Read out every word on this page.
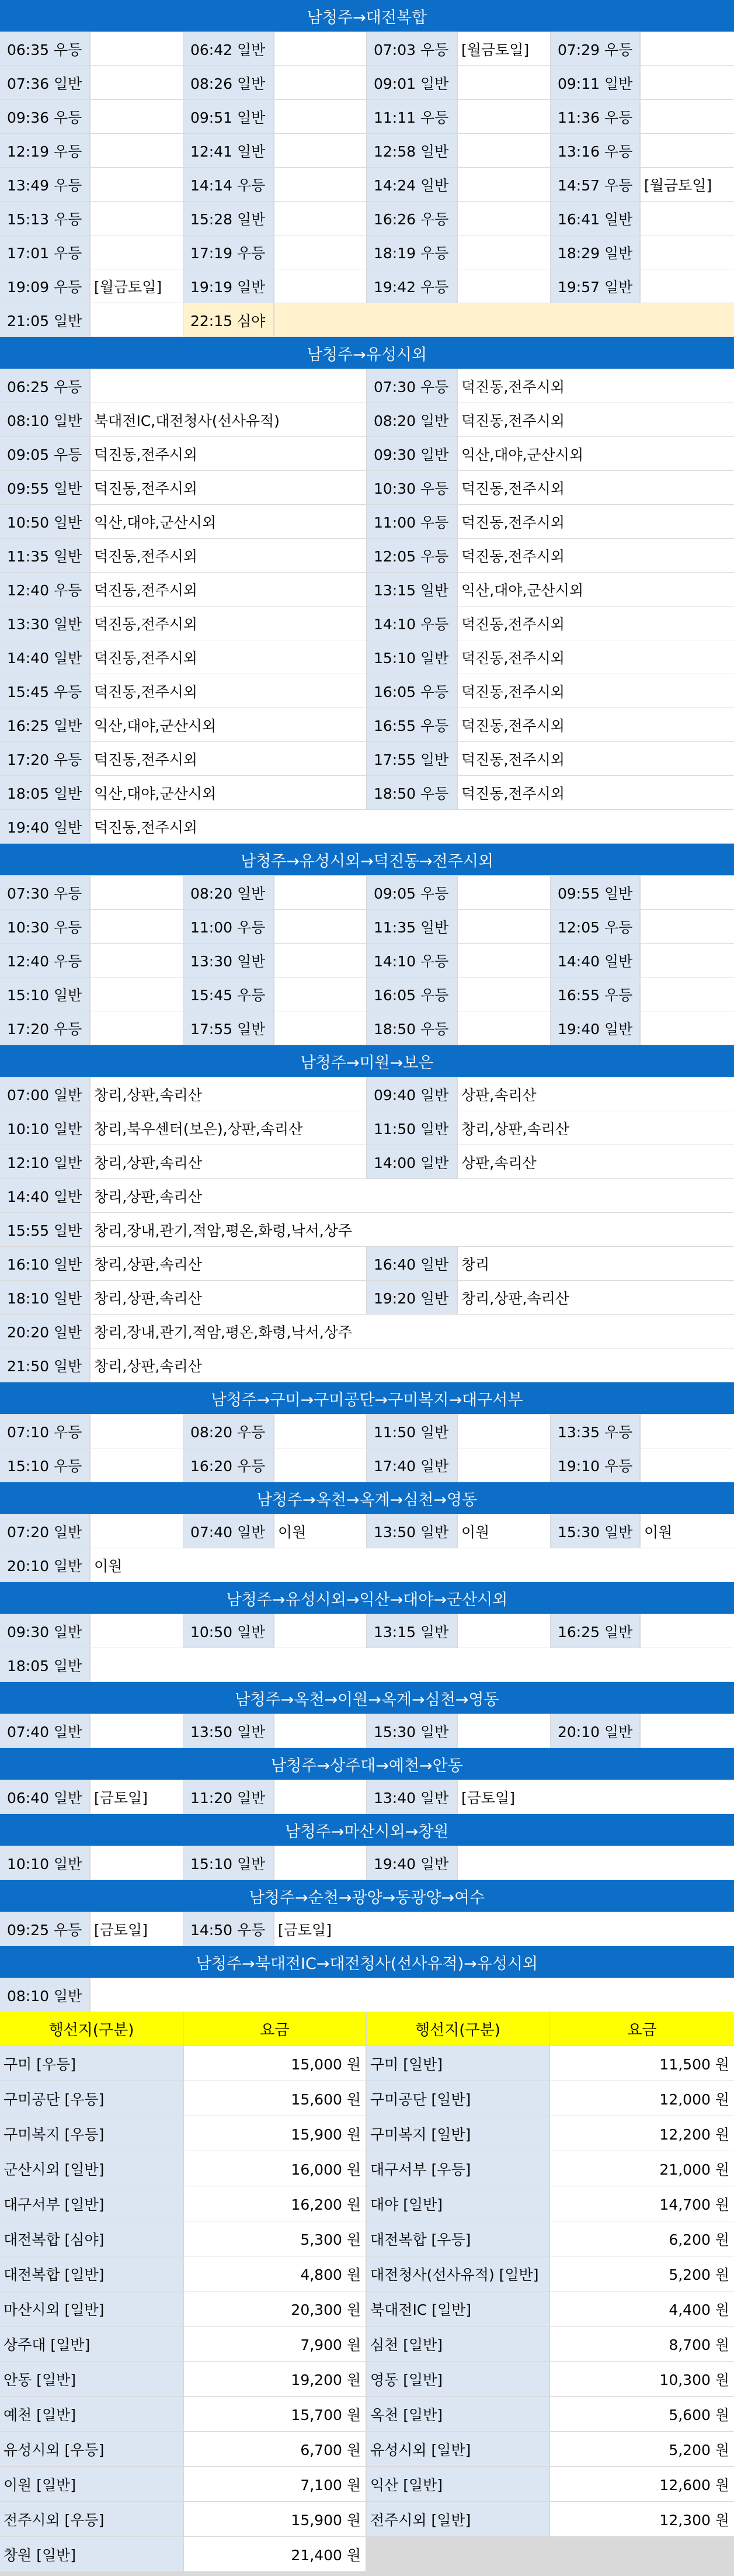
남청주→대전복합
06:35 우등	06:42 일반	07:03 우등 [월금토일]	07:29 우등
07:36 일반	08:26 일반	09:01 일반	09:11 일반
09:36 우등	09:51 일반	11:11 우등	11:36 우등
12:19 우등	12:41 일반	12:58 일반	13:16 우등
13:49 우등	14:14 우등	14:24 일반	14:57 우등 [월금토일]
15:13 우등	15:28 일반	16:26 우등	16:41 일반
17:01 우등	17:19 우등	18:19 우등	18:29 일반
19:09 우등 [월금토일]	19:19 일반	19:42 우등	19:57 일반
21:05 일반	22:15 심야
남청주→유성시외
06:25 우등	07:30 우등 덕진동,전주시외
08:10 일반 북대전IC,대전청사(선사유적)	08:20 일반 덕진동,전주시외
09:05 우등 덕진동,전주시외	09:30 일반 익산,대야,군산시외
09:55 일반 덕진동,전주시외	10:30 우등 덕진동,전주시외
10:50 일반 익산,대야,군산시외	11:00 우등 덕진동,전주시외
11:35 일반 덕진동,전주시외	12:05 우등 덕진동,전주시외
12:40 우등 덕진동,전주시외	13:15 일반 익산,대야,군산시외
13:30 일반 덕진동,전주시외	14:10 우등 덕진동,전주시외
14:40 일반 덕진동,전주시외	15:10 일반 덕진동,전주시외
15:45 우등 덕진동,전주시외	16:05 우등 덕진동,전주시외
16:25 일반 익산,대야,군산시외	16:55 우등 덕진동,전주시외
17:20 우등 덕진동,전주시외	17:55 일반 덕진동,전주시외
18:05 일반 익산,대야,군산시외	18:50 우등 덕진동,전주시외
19:40 일반 덕진동,전주시외
남청주→유성시외→덕진동→전주시외
07:30 우등	08:20 일반	09:05 우등	09:55 일반
10:30 우등	11:00 우등	11:35 일반	12:05 우등
12:40 우등	13:30 일반	14:10 우등	14:40 일반
15:10 일반	15:45 우등	16:05 우등	16:55 우등
17:20 우등	17:55 일반	18:50 우등	19:40 일반
남청주→미원→보은
07:00 일반 창리,상판,속리산	09:40 일반 상판,속리산
10:10 일반 창리,북우센터(보은),상판,속리산	11:50 일반 창리,상판,속리산
12:10 일반 창리,상판,속리산	14:00 일반 상판,속리산
14:40 일반 창리,상판,속리산
15:55 일반 창리,장내,관기,적암,평온,화령,낙서,상주
16:10 일반 창리,상판,속리산	16:40 일반 창리
18:10 일반 창리,상판,속리산	19:20 일반 창리,상판,속리산
20:20 일반 창리,장내,관기,적암,평온,화령,낙서,상주
21:50 일반 창리,상판,속리산
남청주→구미→구미공단→구미복지→대구서부
07:10 우등	08:20 우등	11:50 일반	13:35 우등
15:10 우등	16:20 우등	17:40 일반	19:10 우등
남청주→옥천→옥계→심천→영동
07:20 일반	07:40 일반 이원	13:50 일반 이원	15:30 일반 이원
20:10 일반 이원
남청주→유성시외→익산→대야→군산시외
09:30 일반	10:50 일반	13:15 일반	16:25 일반
18:05 일반
남청주→옥천→이원→옥계→심천→영동
07:40 일반	13:50 일반	15:30 일반	20:10 일반
남청주→상주대→예천→안동
06:40 일반 [금토일]	11:20 일반	13:40 일반 [금토일]
남청주→마산시외→창원
10:10 일반	15:10 일반	19:40 일반
남청주→순천→광양→동광양→여수
09:25 우등 [금토일]	14:50 우등 [금토일]
남청주→북대전IC→대전청사(선사유적)→유성시외
08:10 일반
행선지(구분)	요금	행선지(구분)	요금
구미 [우등]	15,000 원 구미 [일반]	11,500 원
구미공단 [우등]	15,600 원 구미공단 [일반]	12,000 원
구미복지 [우등]	15,900 원 구미복지 [일반]	12,200 원
군산시외 [일반]	16,000 원 대구서부 [우등]	21,000 원
대구서부 [일반]	16,200 원 대야 [일반]	14,700 원
대전복합 [심야]	5,300 원 대전복합 [우등]	6,200 원
대전복합 [일반]	4,800 원 대전청사(선사유적) [일반]	5,200 원
마산시외 [일반]	20,300 원 북대전IC [일반]	4,400 원
상주대 [일반]	7,900 원 심천 [일반]	8,700 원
안동 [일반]	19,200 원 영동 [일반]	10,300 원
예천 [일반]	15,700 원 옥천 [일반]	5,600 원
유성시외 [우등]	6,700 원 유성시외 [일반]	5,200 원
이원 [일반]	7,100 원 익산 [일반]	12,600 원
전주시외 [우등]	15,900 원 전주시외 [일반]	12,300 원
창원 [일반]	21,400 원
